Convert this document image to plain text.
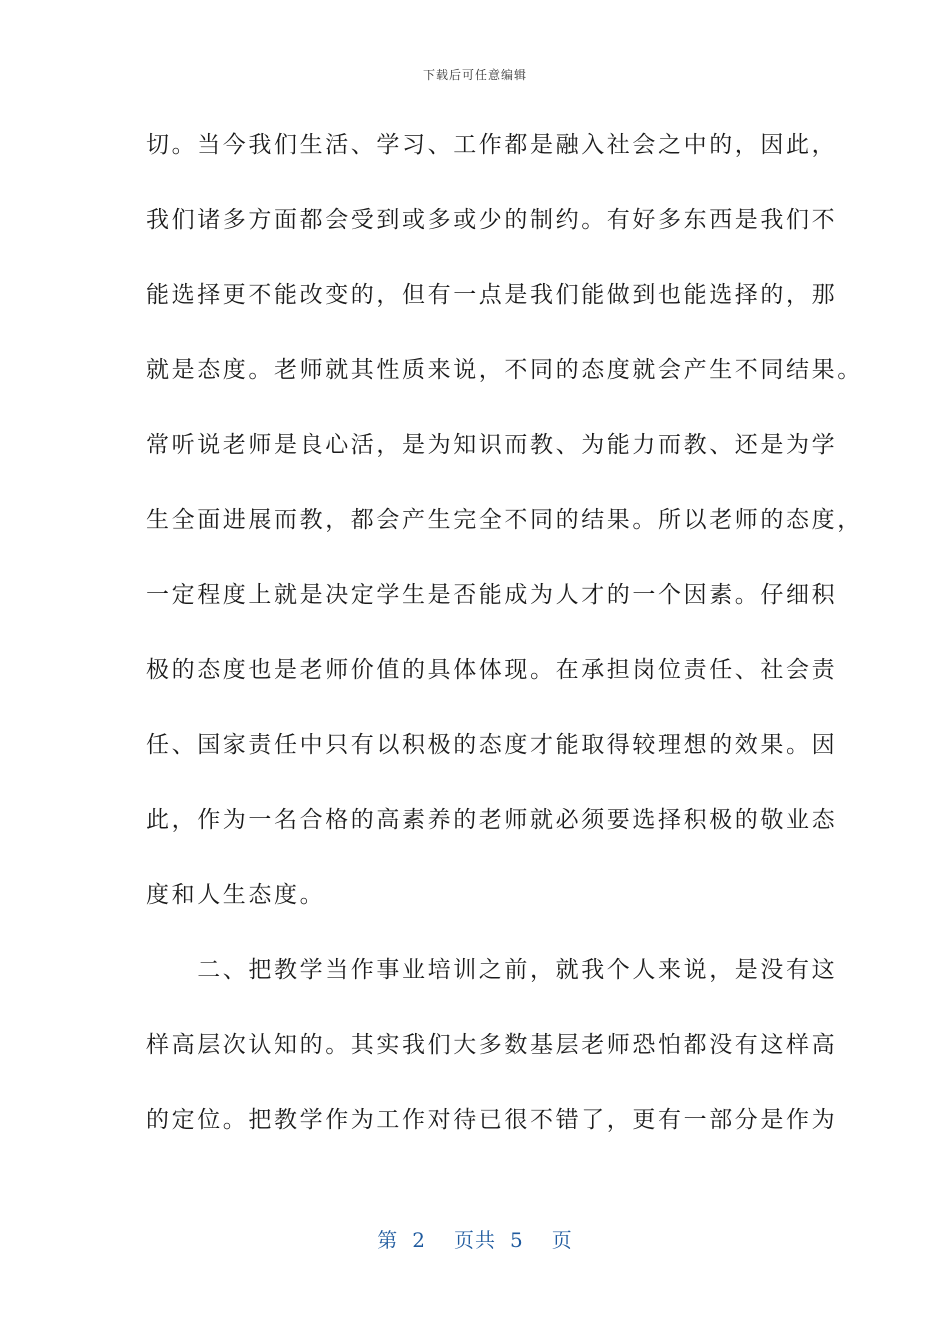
下载后可任意编辑
切。当今我们生活、学习、工作都是融入社会之中的，因此，
我们诸多方面都会受到或多或少的制约。有好多东西是我们不
能选择更不能改变的，但有一点是我们能做到也能选择的，那
就是态度。老师就其性质来说，不同的态度就会产生不同结果。
常听说老师是良心活，是为知识而教、为能力而教、还是为学
生全面进展而教，都会产生完全不同的结果。所以老师的态度，
一定程度上就是决定学生是否能成为人才的一个因素。仔细积
极的态度也是老师价值的具体体现。在承担岗位责任、社会责
任、国家责任中只有以积极的态度才能取得较理想的效果。因
此，作为一名合格的高素养的老师就必须要选择积极的敬业态
度和人生态度。
　　二、把教学当作事业培训之前，就我个人来说，是没有这
样高层次认知的。其实我们大多数基层老师恐怕都没有这样高
的定位。把教学作为工作对待已很不错了，更有一部分是作为
第 2 页共 5 页
